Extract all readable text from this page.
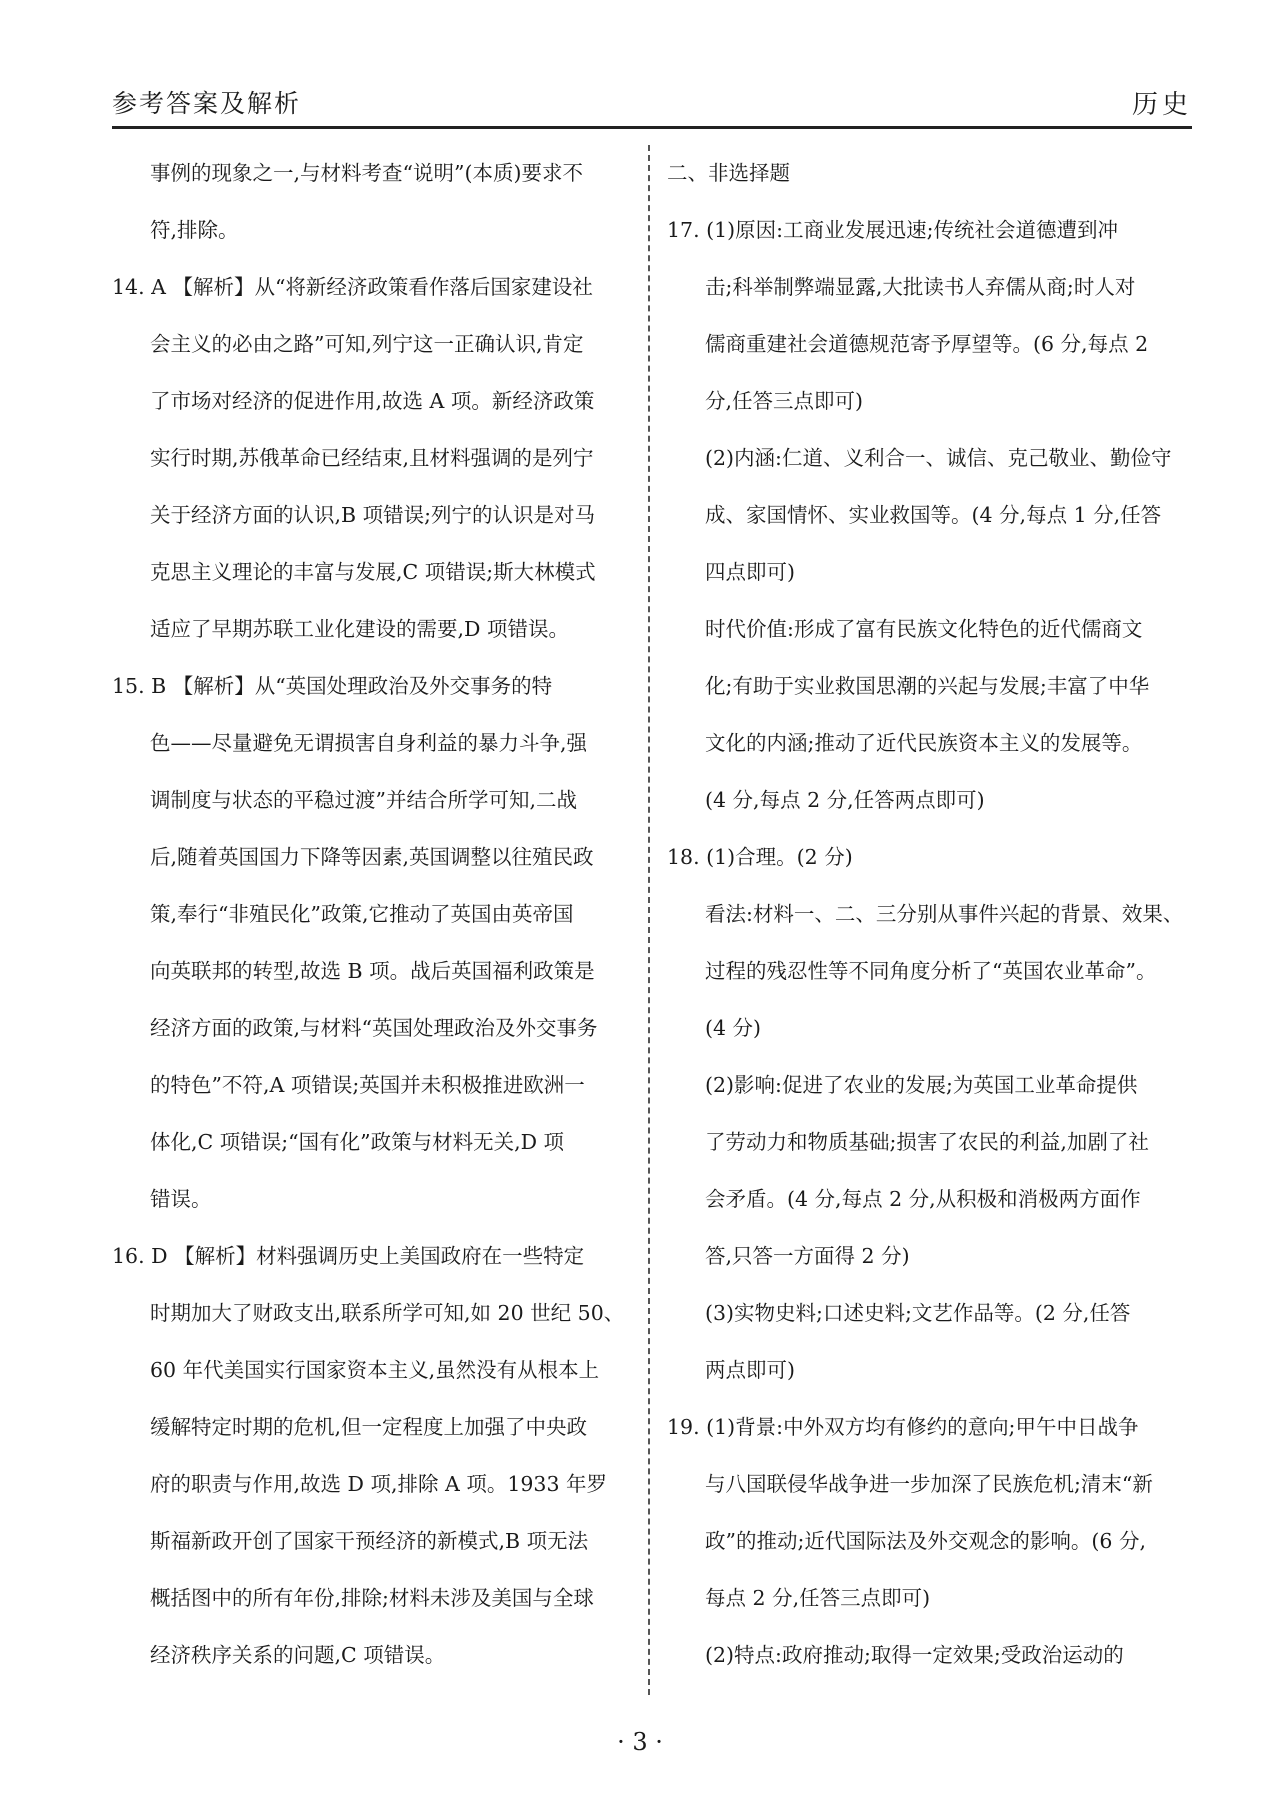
参考答案及解析	历史
事例的现象之一,与材料考查“说明”(本质)要求不
符,排除。
14. A 【解析】从“将新经济政策看作落后国家建设社
会主义的必由之路”可知,列宁这一正确认识,肯定
了市场对经济的促进作用,故选 A 项。新经济政策
实行时期,苏俄革命已经结束,且材料强调的是列宁
关于经济方面的认识,B 项错误;列宁的认识是对马
克思主义理论的丰富与发展,C 项错误;斯大林模式
适应了早期苏联工业化建设的需要,D 项错误。
15. B 【解析】从“英国处理政治及外交事务的特
色——尽量避免无谓损害自身利益的暴力斗争,强
调制度与状态的平稳过渡”并结合所学可知,二战
后,随着英国国力下降等因素,英国调整以往殖民政
策,奉行“非殖民化”政策,它推动了英国由英帝国
向英联邦的转型,故选 B 项。战后英国福利政策是
经济方面的政策,与材料“英国处理政治及外交事务
的特色”不符,A 项错误;英国并未积极推进欧洲一
体化,C 项错误;“国有化”政策与材料无关,D 项
错误。
16. D 【解析】材料强调历史上美国政府在一些特定
时期加大了财政支出,联系所学可知,如 20 世纪 50、
60 年代美国实行国家资本主义,虽然没有从根本上
缓解特定时期的危机,但一定程度上加强了中央政
府的职责与作用,故选 D 项,排除 A 项。1933 年罗
斯福新政开创了国家干预经济的新模式,B 项无法
概括图中的所有年份,排除;材料未涉及美国与全球
经济秩序关系的问题,C 项错误。
二、非选择题
17. (1)原因:工商业发展迅速;传统社会道德遭到冲
击;科举制弊端显露,大批读书人弃儒从商;时人对
儒商重建社会道德规范寄予厚望等。(6 分,每点 2
分,任答三点即可)
(2)内涵:仁道、义利合一、诚信、克己敬业、勤俭守
成、家国情怀、实业救国等。(4 分,每点 1 分,任答
四点即可)
时代价值:形成了富有民族文化特色的近代儒商文
化;有助于实业救国思潮的兴起与发展;丰富了中华
文化的内涵;推动了近代民族资本主义的发展等。
(4 分,每点 2 分,任答两点即可)
18. (1)合理。(2 分)
看法:材料一、二、三分别从事件兴起的背景、效果、
过程的残忍性等不同角度分析了“英国农业革命”。
(4 分)
(2)影响:促进了农业的发展;为英国工业革命提供
了劳动力和物质基础;损害了农民的利益,加剧了社
会矛盾。(4 分,每点 2 分,从积极和消极两方面作
答,只答一方面得 2 分)
(3)实物史料;口述史料;文艺作品等。(2 分,任答
两点即可)
19. (1)背景:中外双方均有修约的意向;甲午中日战争
与八国联侵华战争进一步加深了民族危机;清末“新
政”的推动;近代国际法及外交观念的影响。(6 分,
每点 2 分,任答三点即可)
(2)特点:政府推动;取得一定效果;受政治运动的
· 3 ·
